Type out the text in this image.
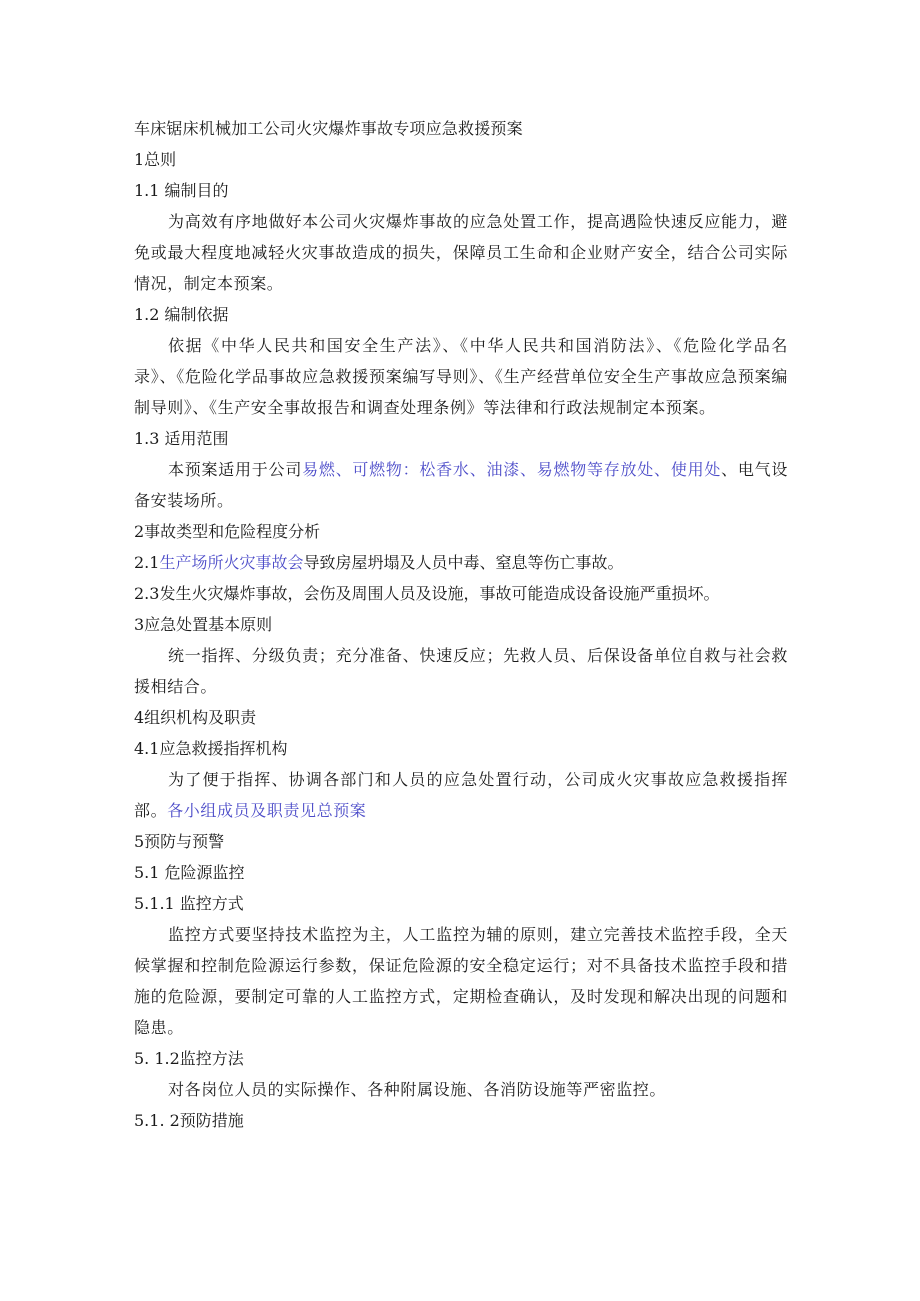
车床锯床机械加工公司火灾爆炸事故专项应急救援预案
1总则
1.1 编制目的

为高效有序地做好本公司火灾爆炸事故的应急处置工作，提高遇险快速反应能力，避免或最大程度地减轻火灾事故造成的损失，保障员工生命和企业财产安全，结合公司实际情况，制定本预案。

1.2 编制依据

依据《中华人民共和国安全生产法》、《中华人民共和国消防法》、《危险化学品名录》、《危险化学品事故应急救援预案编写导则》、《生产经营单位安全生产事故应急预案编制导则》、《生产安全事故报告和调查处理条例》等法律和行政法规制定本预案。

1.3 适用范围

本预案适用于公司易燃、可燃物：松香水、油漆、易燃物等存放处、使用处、电气设备安装场所。

2事故类型和危险程度分析
2.1生产场所火灾事故会导致房屋坍塌及人员中毒、窒息等伤亡事故。
2.3发生火灾爆炸事故，会伤及周围人员及设施，事故可能造成设备设施严重损坏。
3应急处置基本原则

统一指挥、分级负责；充分准备、快速反应；先救人员、后保设备单位自救与社会救援相结合。

4组织机构及职责
4.1应急救援指挥机构

为了便于指挥、协调各部门和人员的应急处置行动，公司成火灾事故应急救援指挥部。各小组成员及职责见总预案

5预防与预警
5.1 危险源监控
5.1.1 监控方式

监控方式要坚持技术监控为主，人工监控为辅的原则，建立完善技术监控手段，全天候掌握和控制危险源运行参数，保证危险源的安全稳定运行；对不具备技术监控手段和措施的危险源，要制定可靠的人工监控方式，定期检查确认，及时发现和解决出现的问题和隐患。

5. 1.2监控方法

对各岗位人员的实际操作、各种附属设施、各消防设施等严密监控。

5.1. 2预防措施
